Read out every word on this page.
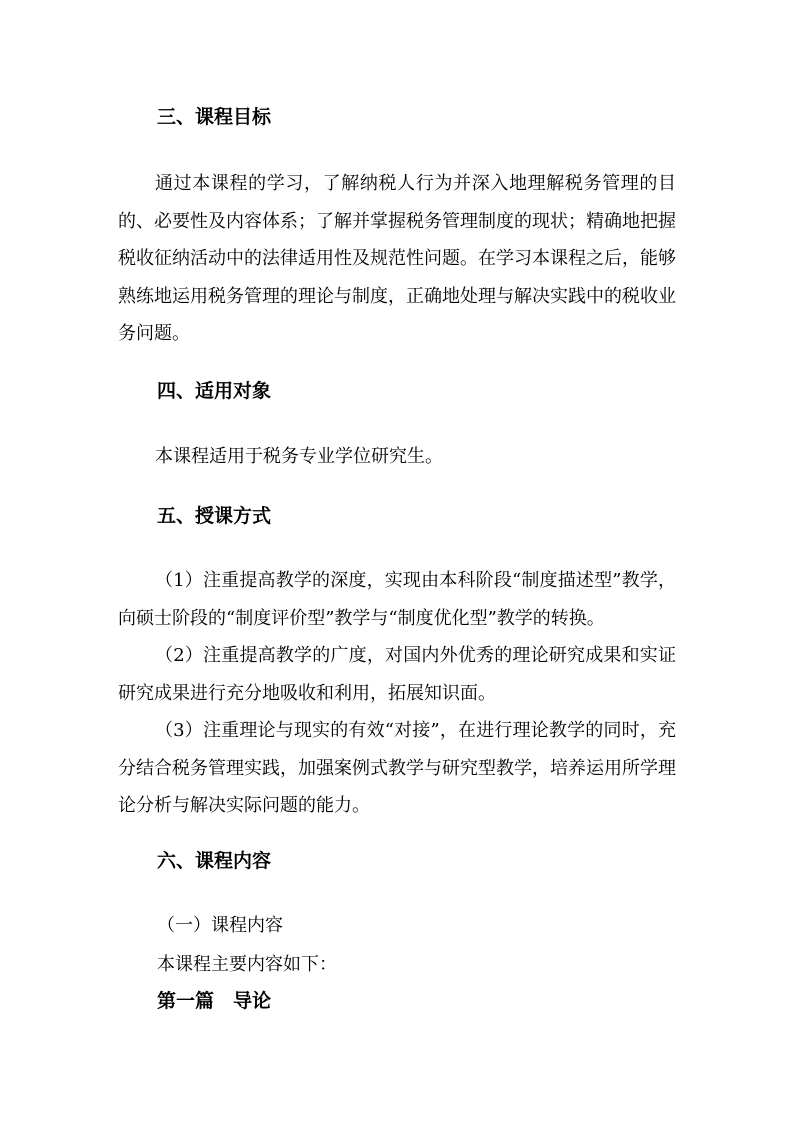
三、课程目标
通过本课程的学习，了解纳税人行为并深入地理解税务管理的目的、必要性及内容体系；了解并掌握税务管理制度的现状；精确地把握税收征纳活动中的法律适用性及规范性问题。在学习本课程之后，能够熟练地运用税务管理的理论与制度，正确地处理与解决实践中的税收业务问题。
四、适用对象
本课程适用于税务专业学位研究生。
五、授课方式
（1）注重提高教学的深度，实现由本科阶段“制度描述型”教学，向硕士阶段的“制度评价型”教学与“制度优化型”教学的转换。
（2）注重提高教学的广度，对国内外优秀的理论研究成果和实证研究成果进行充分地吸收和利用，拓展知识面。
（3）注重理论与现实的有效“对接”，在进行理论教学的同时，充分结合税务管理实践，加强案例式教学与研究型教学，培养运用所学理论分析与解决实际问题的能力。
六、课程内容
（一）课程内容
本课程主要内容如下：
第一篇　导论
